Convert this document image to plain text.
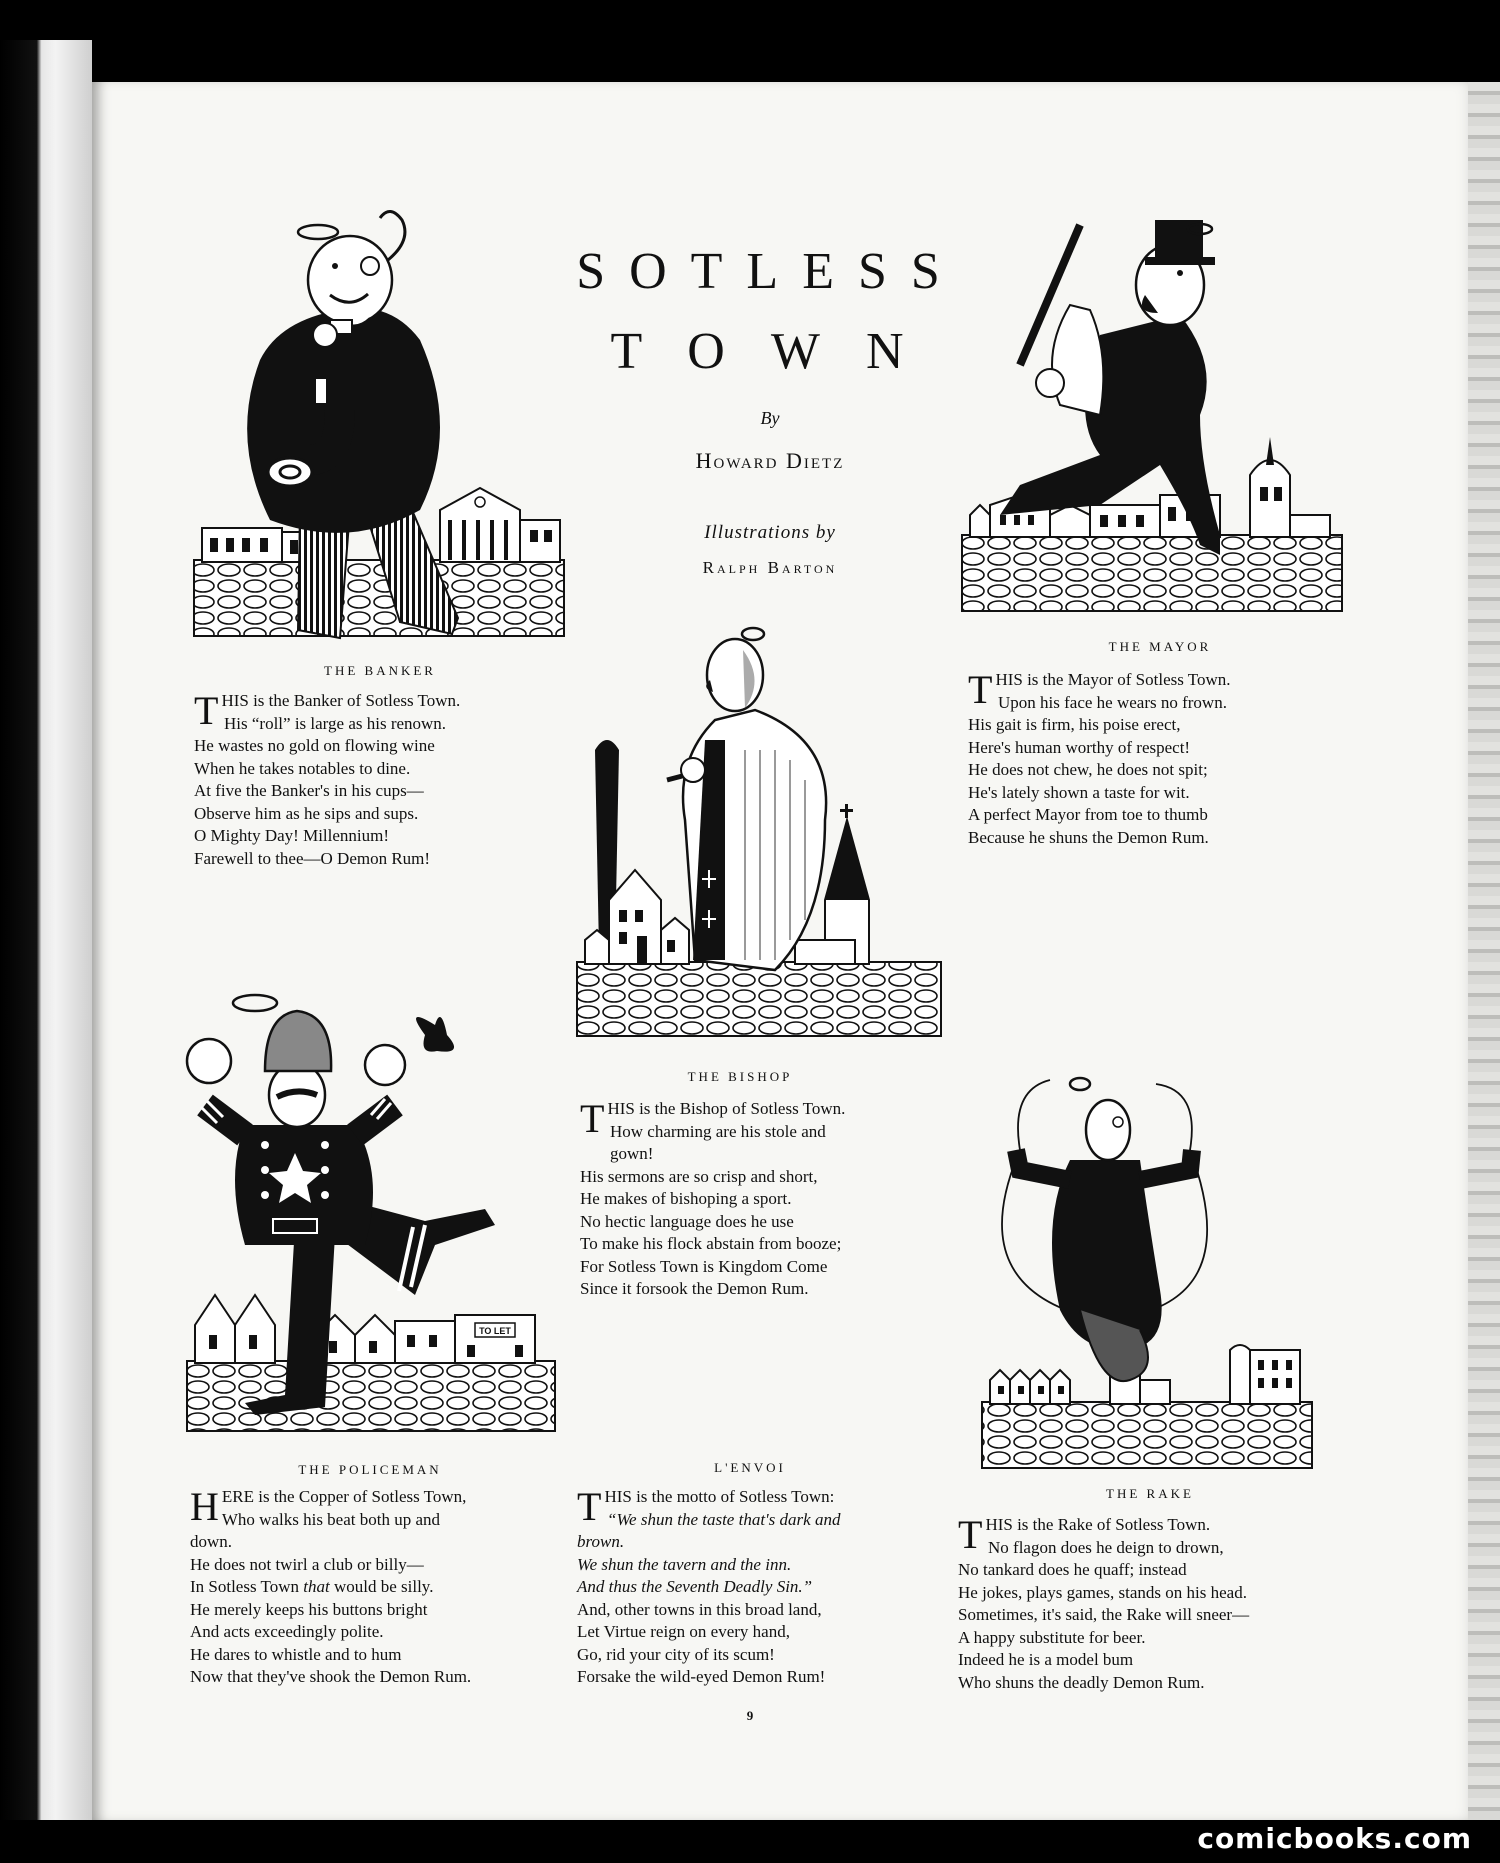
comicbooks.com
SOTLESS
TOWN
By
Howard Dietz
Illustrations by
Ralph Barton
TO LET
THE BANKER
THE MAYOR
THE BISHOP
THE POLICEMAN	L'ENVOI
THE RAKE
T HIS is the Banker of Sotless Town.
His “roll” is large as his renown.
He wastes no gold on flowing wine
When he takes notables to dine.
At five the Banker's in his cups—
Observe him as he sips and sups.
O Mighty Day! Millennium!
Farewell to thee—O Demon Rum!
T HIS is the Mayor of Sotless Town.
Upon his face he wears no frown.
His gait is firm, his poise erect,
Here's human worthy of respect!
He does not chew, he does not spit;
He's lately shown a taste for wit.
A perfect Mayor from toe to thumb
Because he shuns the Demon Rum.
T HIS is the Bishop of Sotless Town.
How charming are his stole and
gown!
His sermons are so crisp and short,
He makes of bishoping a sport.
No hectic language does he use
To make his flock abstain from booze;
For Sotless Town is Kingdom Come
Since it forsook the Demon Rum.
H ERE is the Copper of Sotless Town,
Who walks his beat both up and
down.
He does not twirl a club or billy—
In Sotless Town that would be silly.
He merely keeps his buttons bright
And acts exceedingly polite.
He dares to whistle and to hum
Now that they've shook the Demon Rum.
T HIS is the motto of Sotless Town:
“We shun the taste that's dark and
brown.
We shun the tavern and the inn.
And thus the Seventh Deadly Sin.”
And, other towns in this broad land,
Let Virtue reign on every hand,
Go, rid your city of its scum!
Forsake the wild-eyed Demon Rum!
T HIS is the Rake of Sotless Town.
No flagon does he deign to drown,
No tankard does he quaff; instead
He jokes, plays games, stands on his head.
Sometimes, it's said, the Rake will sneer—
A happy substitute for beer.
Indeed he is a model bum
Who shuns the deadly Demon Rum.
9
